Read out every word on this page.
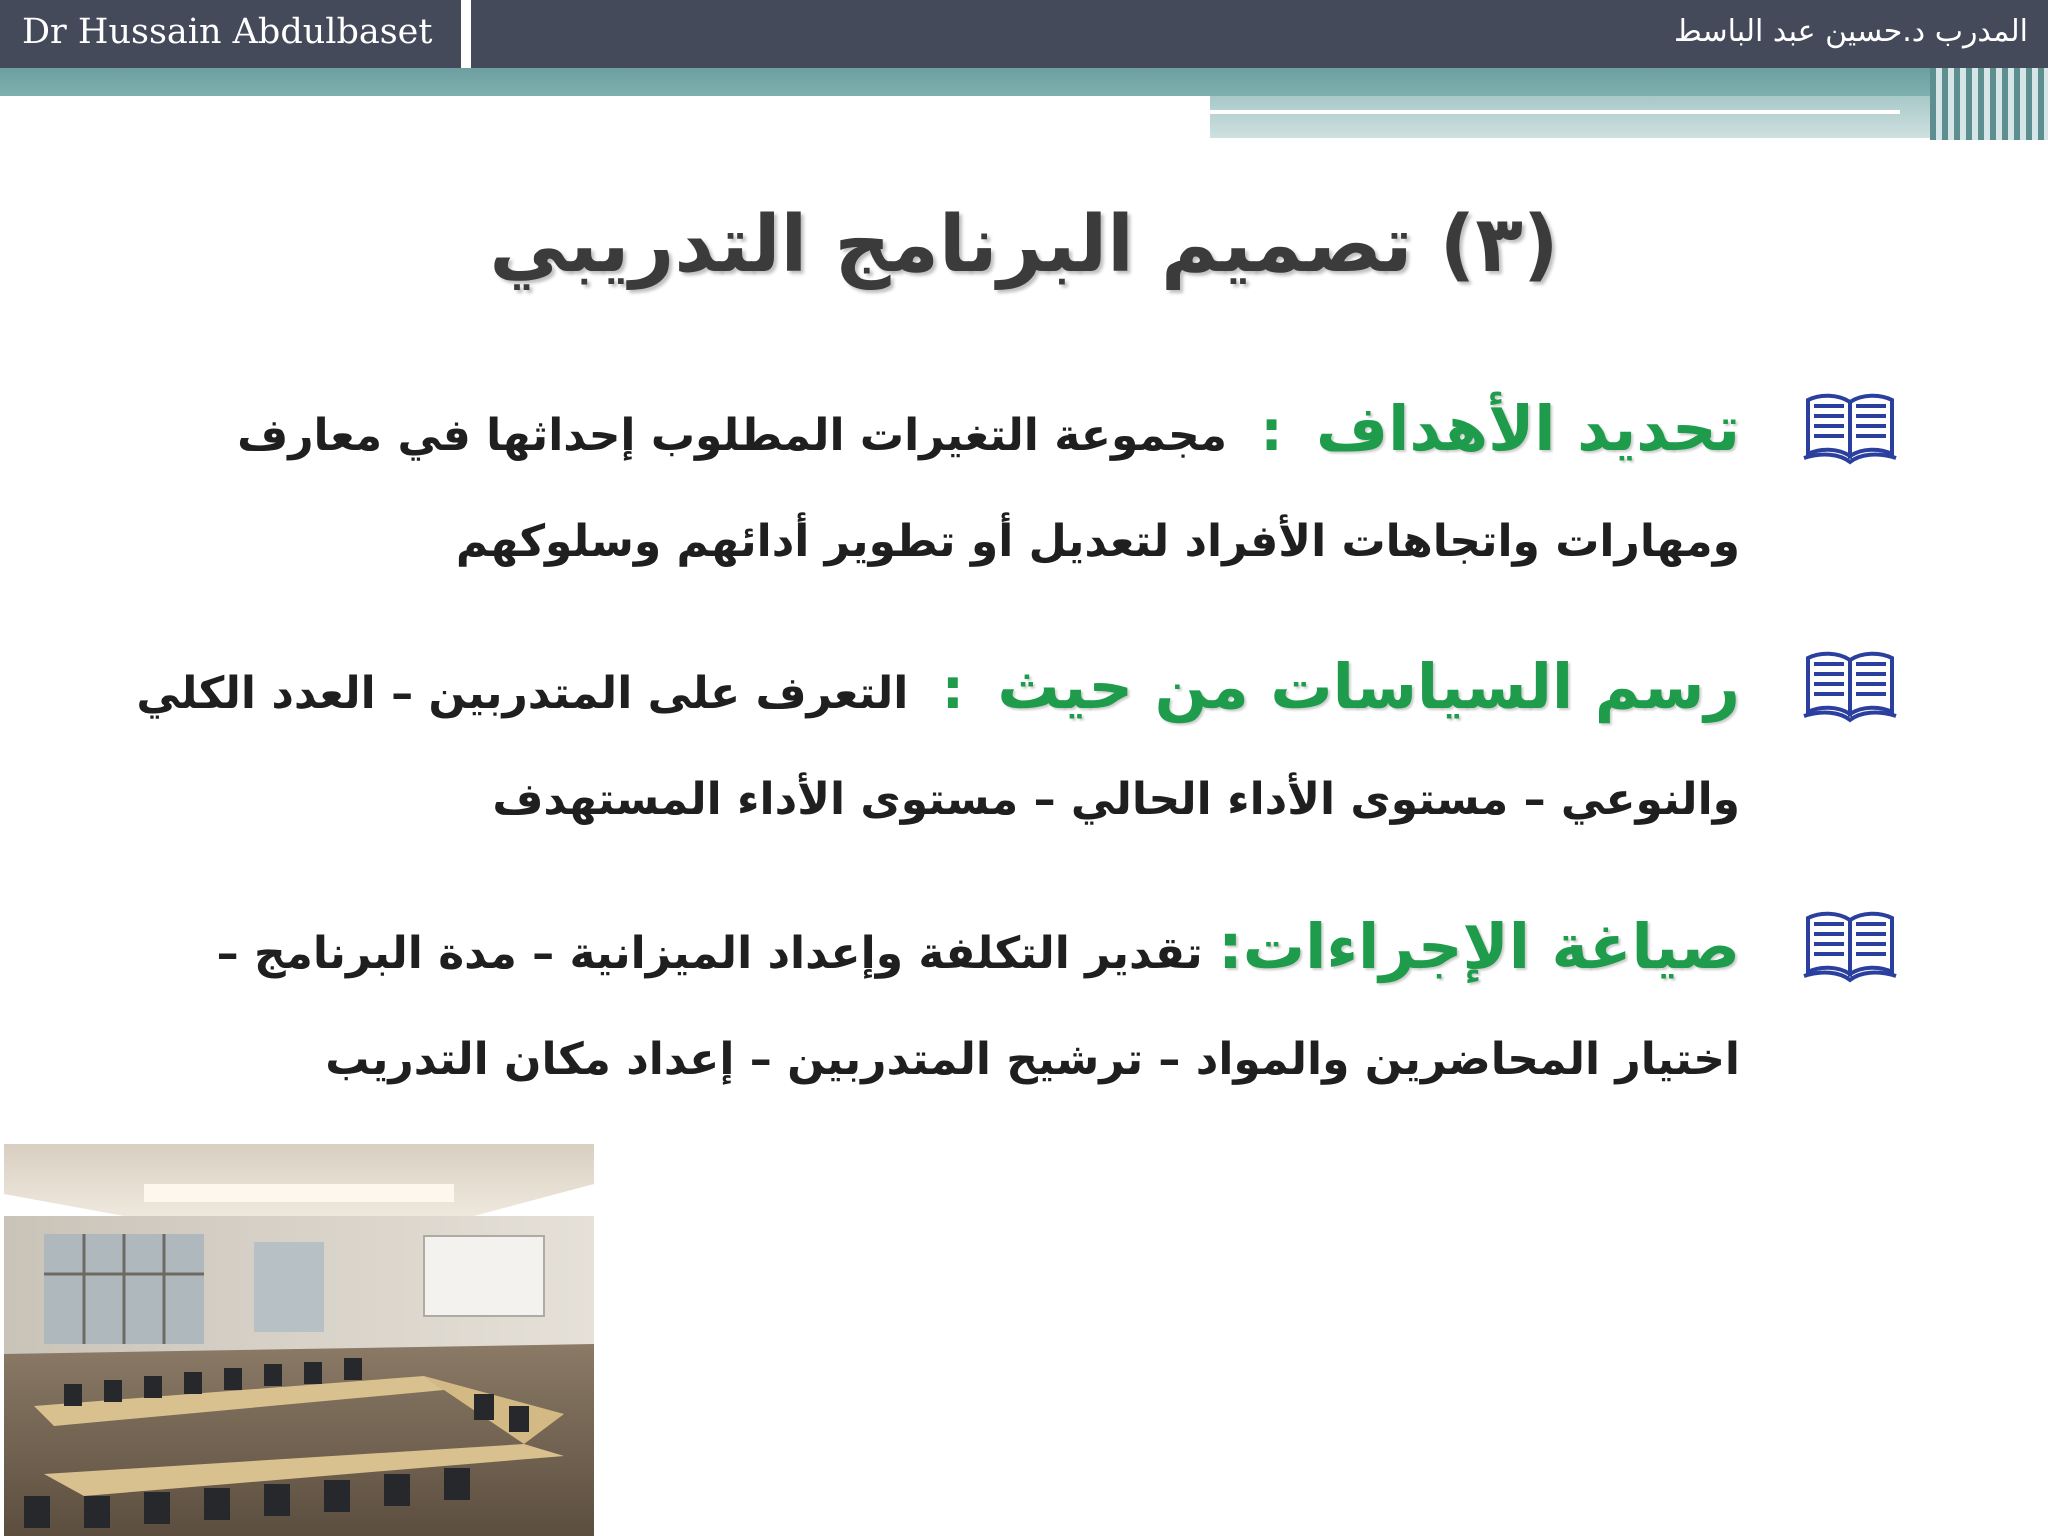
Dr Hussain Abdulbaset	المدرب د.حسين عبد الباسط
(٣) تصميم البرنامج التدريبي
تحديد الأهداف : مجموعة التغيرات المطلوب إحداثها في معارف
ومهارات واتجاهات الأفراد لتعديل أو تطوير أدائهم وسلوكهم
رسم السياسات من حيث : التعرف على المتدربين – العدد الكلي
والنوعي – مستوى الأداء الحالي – مستوى الأداء المستهدف
صياغة الإجراءات: تقدير التكلفة وإعداد الميزانية – مدة البرنامج –
اختيار المحاضرين والمواد – ترشيح المتدربين – إعداد مكان التدريب
